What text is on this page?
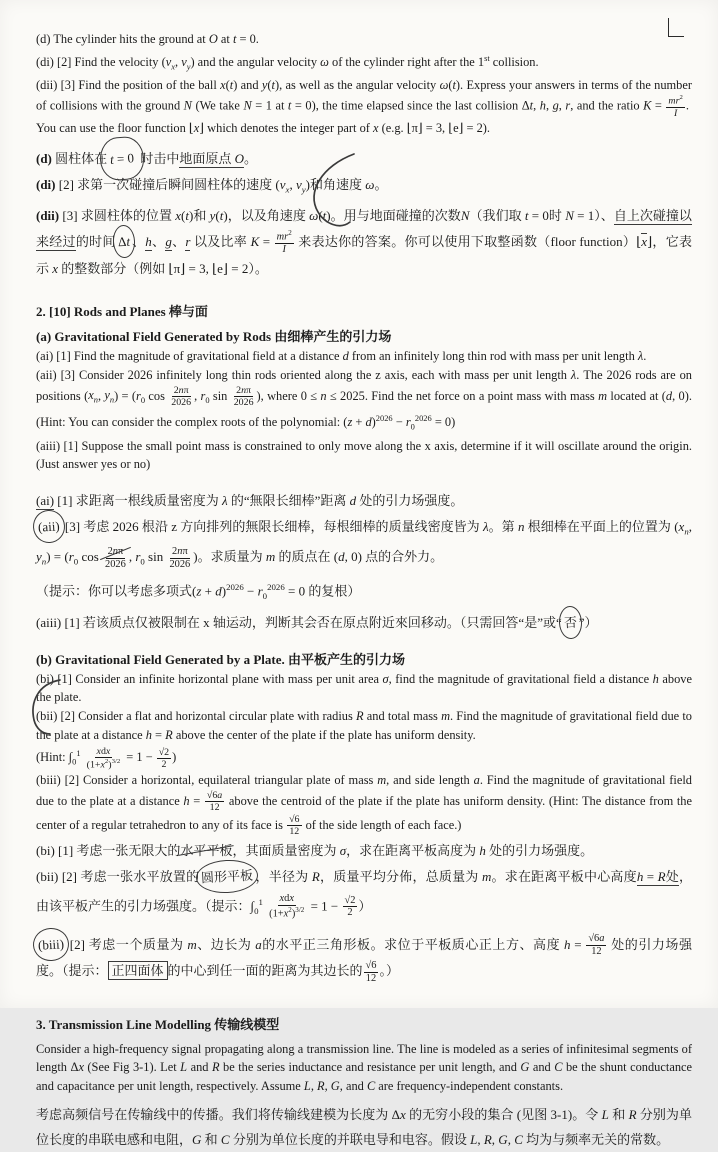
(d) The cylinder hits the ground at O at t = 0.

(di) [2] Find the velocity ($v_x$, $v_y$) and the angular velocity ω of the cylinder right after the 1st collision.

(dii) [3] Find the position of the ball x(t) and y(t), as well as the angular velocity ω(t). Express your answers in terms of the number of collisions with the ground N (We take N = 1 at t = 0), the time elapsed since the last collision Δt, h, g, r, and the ratio $K = \frac{mr^2}{I}$ .  You can use the floor function ⌊x⌋ which denotes the integer part of x (e.g. ⌊π⌋ = 3, ⌊e⌋ = 2).

(d) 圆柱体在 t = 0 时击中地面原点 O。

(di) [2] 求第一次碰撞后瞬间圆柱体的速度 ($v_x$, $v_y$)和角速度 ω。

(dii) [3] 求圆柱体的位置 x(t)和 y(t)，以及角速度 ω(t)。用与地面碰撞的次数N（我们取 t = 0时 N = 1）、自上次碰撞以来经过的时间 Δt 、h、g、r 以及比率 $K = \frac{mr^2}{I}$ 来表达你的答案。你可以使用下取整函数（floor function）⌊x⌋，它表示 x 的整数部分（例如 ⌊π⌋ = 3, ⌊e⌋ = 2）。

2. [10] Rods and Planes 棒与面
(a) Gravitational Field Generated by Rods 由细棒产生的引力场

(ai) [1] Find the magnitude of gravitational field at a distance d from an infinitely long thin rod with mass per unit length λ.

(aii) [3] Consider 2026 infinitely long thin rods oriented along the z axis, each with mass per unit length λ. The 2026 rods are on positions ($x_n$, $y_n) = (r_0$ $\cos \frac{2n\pi}{2026}$ , $r_0$ $\sin \frac{2n\pi}{2026}$ ), where 0 ≤ n ≤ 2025. Find the net force on a point mass with mass m located at (d, 0). (Hint: You can consider the complex roots of the polynomial: $(z + d)^{2026} - r_0^{2026} = 0$)

(aiii) [1] Suppose the small point mass is constrained to only move along the x axis, determine if it will oscillate around the origin. (Just answer yes or no)

(ai) [1] 求距离一根线质量密度为 λ 的“無限长细棒”距离 d 处的引力场强度。

(aii) [3] 考虑 2026 根沿 z 方向排列的無限长细棒，每根细棒的质量线密度皆为 λ。第 n 根细棒在平面上的位置为 ($x_n$, $y_n) = (r_0$ $\cos \frac{2n\pi}{2026}$ , $r_0$ $\sin \frac{2n\pi}{2026}$ )。求质量为 m 的质点在 (d, 0) 点的合外力。

（提示：你可以考虑多项式$(z + d)^{2026} - r_0^{2026} = 0$ 的复根）

(aiii) [1] 若该质点仅被限制在 x 轴运动，判断其会否在原点附近來回移动。（只需回答“是”或“ 否 ”）

(b) Gravitational Field Generated by a Plate. 由平板产生的引力场

(bi) [1] Consider an infinite horizontal plane with mass per unit area σ, find the magnitude of gravitational field a distance h above the plate.

(bii) [2] Consider a flat and horizontal circular plate with radius R and total mass m. Find the magnitude of gravitational field due to the plate at a distance h = R above the center of the plate if the plate has uniform density.

(Hint: $\int_0^1$ xdx
$(1+x^2)^{3/2} = 1 - \frac{√2}{2}$ )

(biii) [2] Consider a horizontal, equilateral triangular plate of mass m, and side length a. Find the magnitude of gravitational field due to the plate at a distance $h = \frac{√6a}{12}$ above the centroid of the plate if the plate has uniform density. (Hint: The distance from the center of a regular tetrahedron to any of its face is $\frac{√6}{12}$ of the side length of each face.)

(bi) [1] 考虑一张无限大的水平平板，其面质量密度为 σ，求在距离平板高度为 h 处的引力场强度。

(bii) [2] 考虑一张水平放置的 圆形平板 ，半径为 R，质量平均分佈，总质量为 m。求在距离平板中心高度h = R处，由该平板产生的引力场强度。（提示：$\int_0^1$ xdx
$(1+x^2)^{3/2} = 1 - \frac{√2}{2}$ ）

(biii) [2] 考虑一个质量为 m、边长为 a的水平正三角形板。求位于平板质心正上方、高度 $h = \frac{√6a}{12}$ 处的引力场强度。（提示： 正四面体 的中心到任一面的距离为其边长的 $\frac{√6}{12}$ 。）

3. Transmission Line Modelling 传输线模型

Consider a high-frequency signal propagating along a transmission line. The line is modeled as a series of infinitesimal segments of length Δx (See Fig 3-1). Let L and R be the series inductance and resistance per unit length, and G and C be the shunt conductance and capacitance per unit length, respectively. Assume L, R, G, and C are frequency-independent constants.

考虑高频信号在传输线中的传播。我们将传输线建模为长度为 Δx 的无穷小段的集合 (见图 3-1)。令 L 和 R 分别为单位长度的串联电感和电阻，G 和 C 分别为单位长度的并联电导和电容。假设 L, R, G, C 均为与频率无关的常数。
